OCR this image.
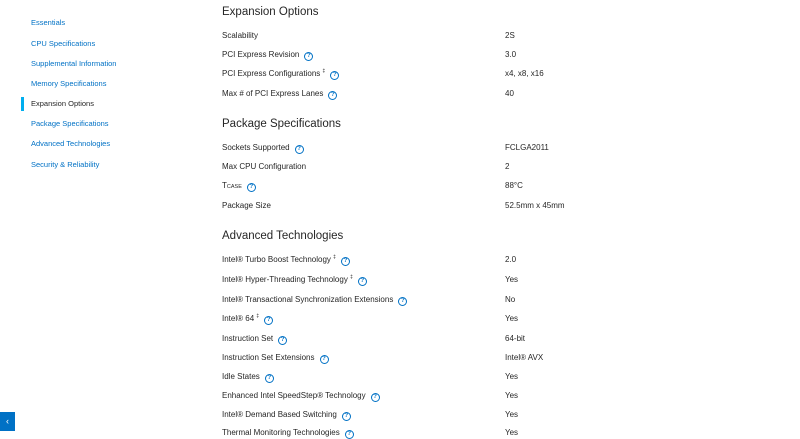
Essentials
CPU Specifications
Supplemental Information
Memory Specifications
Expansion Options
Package Specifications
Advanced Technologies
Security & Reliability
‹
Expansion Options
Scalability	2S
PCI Express Revision ?	3.0
PCI Express Configurations ‡?	x4, x8, x16
Max # of PCI Express Lanes ?	40
Package Specifications
Sockets Supported ?	FCLGA2011
Max CPU Configuration	2
TCASE ?	88°C
Package Size	52.5mm x 45mm
Advanced Technologies
Intel® Turbo Boost Technology ‡?	2.0
Intel® Hyper-Threading Technology ‡?	Yes
Intel® Transactional Synchronization Extensions ?	No
Intel® 64 ‡?	Yes
Instruction Set ?	64-bit
Instruction Set Extensions ?	Intel® AVX
Idle States ?	Yes
Enhanced Intel SpeedStep® Technology ?	Yes
Intel® Demand Based Switching ?	Yes
Thermal Monitoring Technologies ?	Yes
